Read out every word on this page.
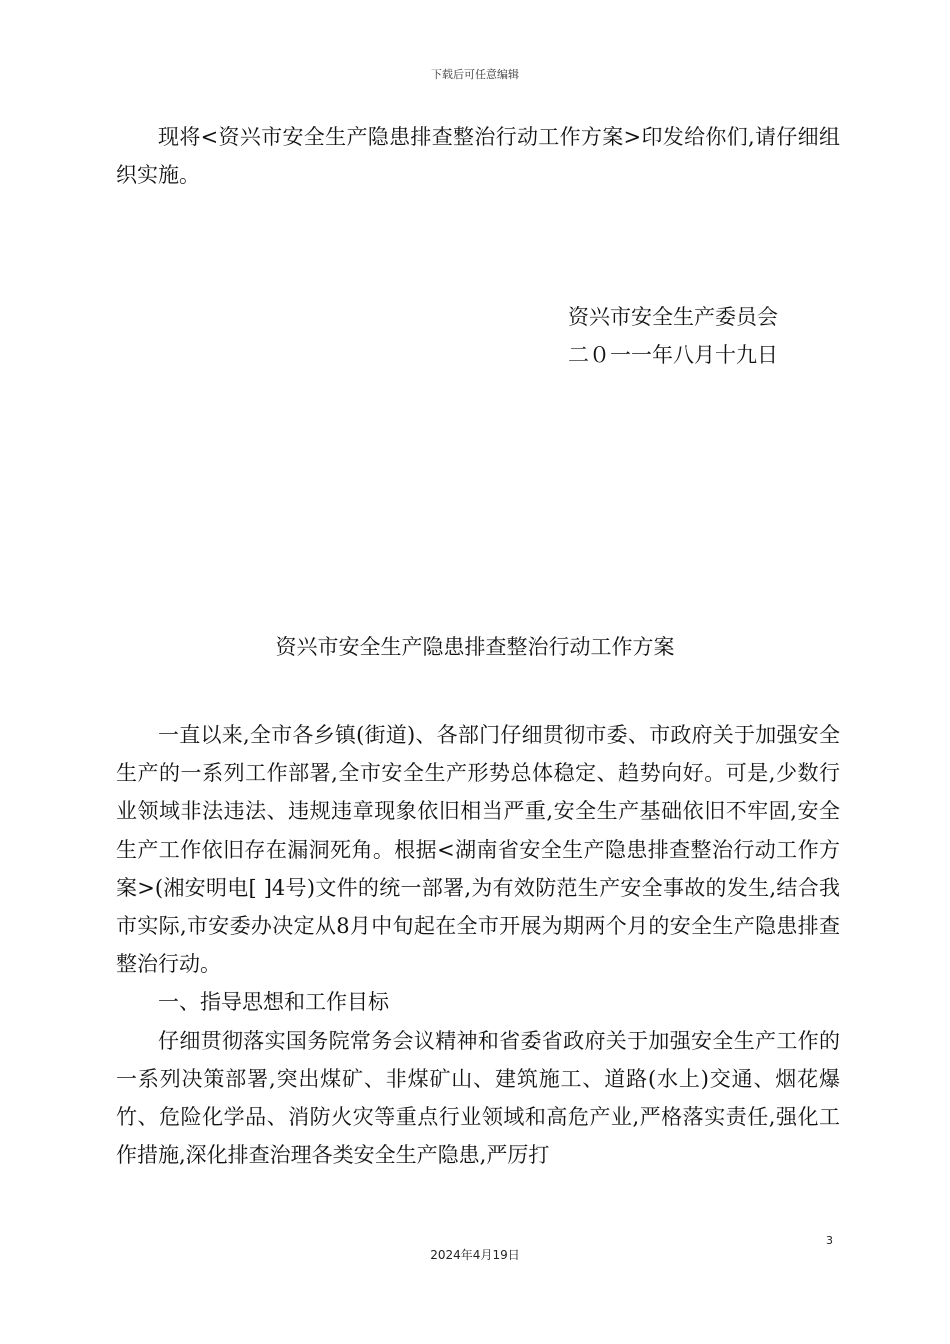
下载后可任意编辑

现将<资兴市安全生产隐患排查整治行动工作方案>印发给你们,请仔细组织实施。

资兴市安全生产委员会
二０一一年八月十九日
资兴市安全生产隐患排查整治行动工作方案

一直以来,全市各乡镇(街道)、各部门仔细贯彻市委、市政府关于加强安全生产的一系列工作部署,全市安全生产形势总体稳定、趋势向好。可是,少数行业领域非法违法、违规违章现象依旧相当严重,安全生产基础依旧不牢固,安全生产工作依旧存在漏洞死角。根据<湖南省安全生产隐患排查整治行动工作方案>(湘安明电[ ]4号)文件的统一部署,为有效防范生产安全事故的发生,结合我市实际,市安委办决定从8月中旬起在全市开展为期两个月的安全生产隐患排查整治行动。

一、指导思想和工作目标

仔细贯彻落实国务院常务会议精神和省委省政府关于加强安全生产工作的一系列决策部署,突出煤矿、非煤矿山、建筑施工、道路(水上)交通、烟花爆竹、危险化学品、消防火灾等重点行业领域和高危产业,严格落实责任,强化工作措施,深化排查治理各类安全生产隐患,严厉打

3
2024年4月19日
